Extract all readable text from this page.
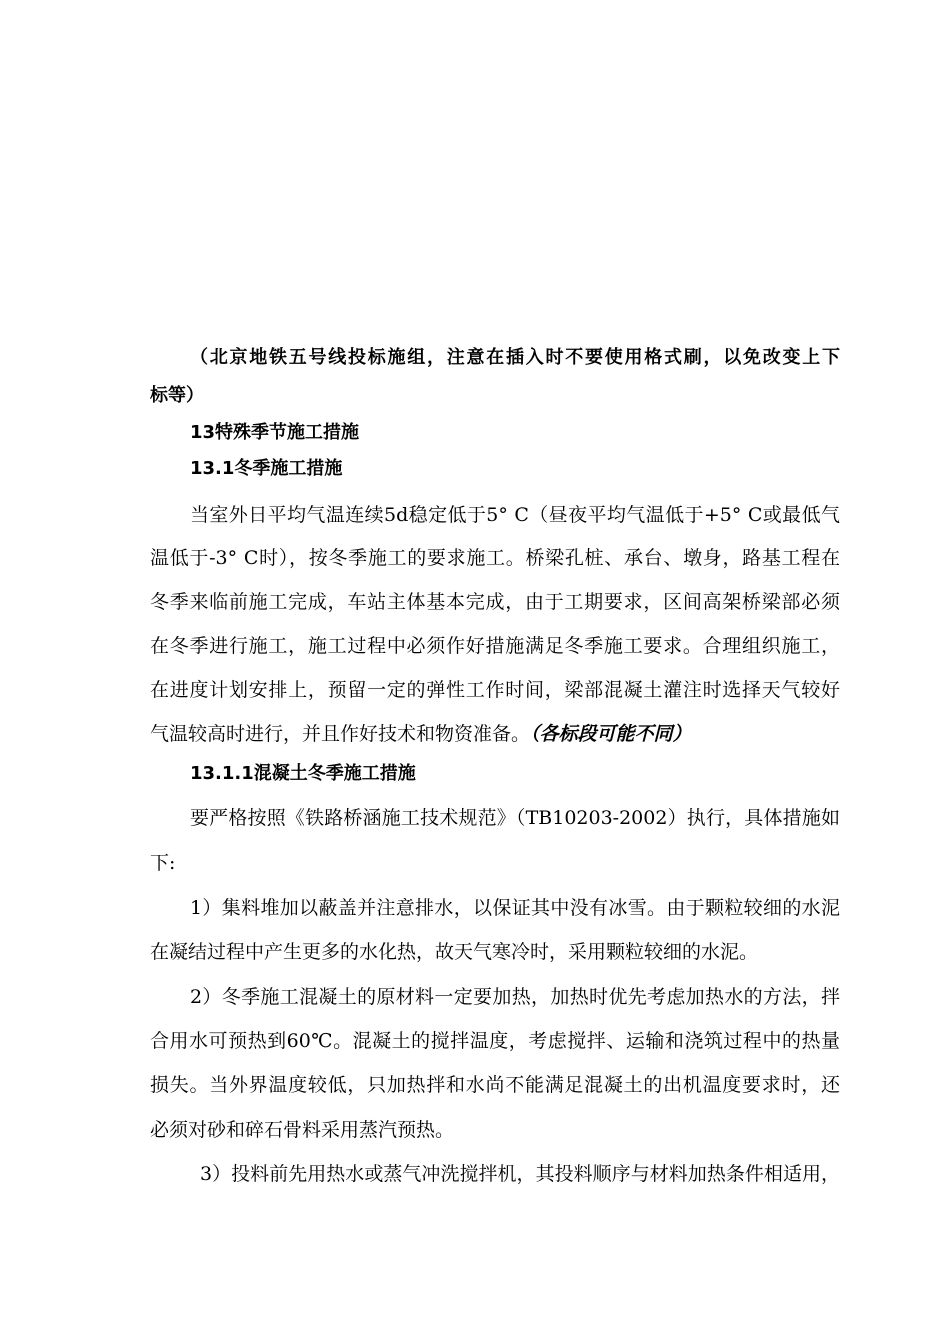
（北京地铁五号线投标施组，注意在插入时不要使用格式刷，以免改变上下
标等）
13特殊季节施工措施
13.1冬季施工措施
当室外日平均气温连续5d稳定低于5° C（昼夜平均气温低于+5° C或最低气
温低于-3° C时），按冬季施工的要求施工。桥梁孔桩、承台、墩身，路基工程在
冬季来临前施工完成，车站主体基本完成，由于工期要求，区间高架桥梁部必须
在冬季进行施工，施工过程中必须作好措施满足冬季施工要求。合理组织施工，
在进度计划安排上，预留一定的弹性工作时间，梁部混凝土灌注时选择天气较好
气温较高时进行，并且作好技术和物资准备。（各标段可能不同）
13.1.1混凝土冬季施工措施
要严格按照《铁路桥涵施工技术规范》（TB10203-2002）执行，具体措施如
下:
1）集料堆加以蔽盖并注意排水，以保证其中没有冰雪。由于颗粒较细的水泥
在凝结过程中产生更多的水化热，故天气寒冷时，采用颗粒较细的水泥。
2）冬季施工混凝土的原材料一定要加热，加热时优先考虑加热水的方法，拌
合用水可预热到60℃。混凝土的搅拌温度，考虑搅拌、运输和浇筑过程中的热量
损失。当外界温度较低，只加热拌和水尚不能满足混凝土的出机温度要求时，还
必须对砂和碎石骨料采用蒸汽预热。
3）投料前先用热水或蒸气冲洗搅拌机，其投料顺序与材料加热条件相适用，
